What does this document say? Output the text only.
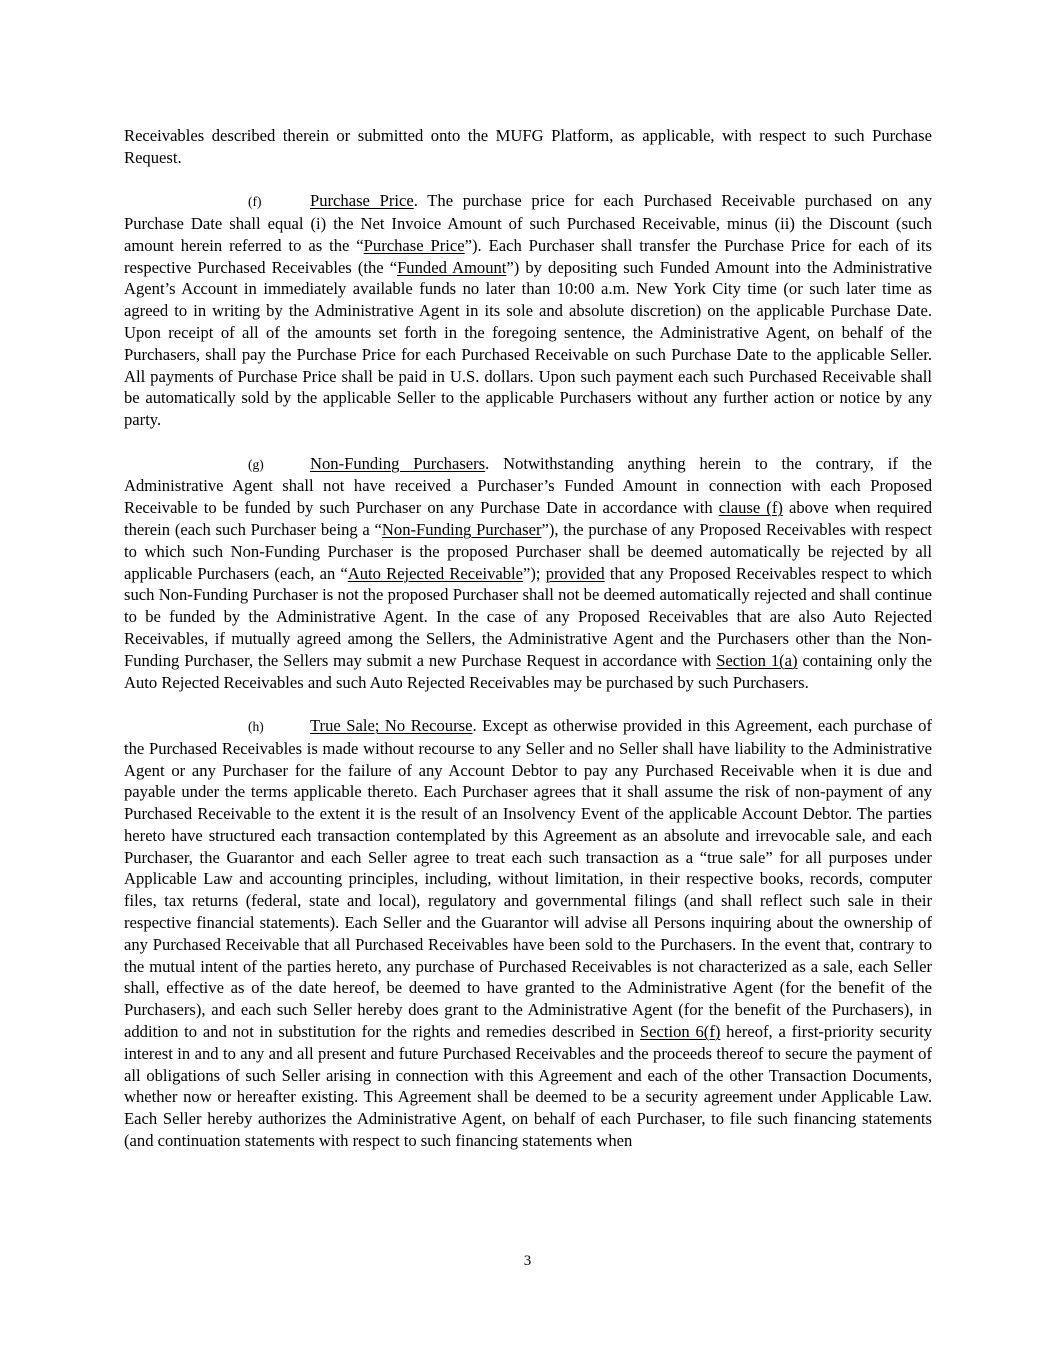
Receivables described therein or submitted onto the MUFG Platform, as applicable, with respect to such Purchase Request.

(f)	Purchase Price. The purchase price for each Purchased Receivable purchased on any Purchase Date shall equal (i) the Net Invoice Amount of such Purchased Receivable, minus (ii) the Discount (such amount herein referred to as the “Purchase Price”). Each Purchaser shall transfer the Purchase Price for each of its respective Purchased Receivables (the “Funded Amount”) by depositing such Funded Amount into the Administrative Agent’s Account in immediately available funds no later than 10:00 a.m. New York City time (or such later time as agreed to in writing by the Administrative Agent in its sole and absolute discretion) on the applicable Purchase Date. Upon receipt of all of the amounts set forth in the foregoing sentence, the Administrative Agent, on behalf of the Purchasers, shall pay the Purchase Price for each Purchased Receivable on such Purchase Date to the applicable Seller. All payments of Purchase Price shall be paid in U.S. dollars. Upon such payment each such Purchased Receivable shall be automatically sold by the applicable Seller to the applicable Purchasers without any further action or notice by any party.

(g)	Non-Funding Purchasers. Notwithstanding anything herein to the contrary, if the Administrative Agent shall not have received a Purchaser’s Funded Amount in connection with each Proposed Receivable to be funded by such Purchaser on any Purchase Date in accordance with clause (f) above when required therein (each such Purchaser being a “Non-Funding Purchaser”), the purchase of any Proposed Receivables with respect to which such Non-Funding Purchaser is the proposed Purchaser shall be deemed automatically be rejected by all applicable Purchasers (each, an “Auto Rejected Receivable”); provided that any Proposed Receivables respect to which such Non-Funding Purchaser is not the proposed Purchaser shall not be deemed automatically rejected and shall continue to be funded by the Administrative Agent. In the case of any Proposed Receivables that are also Auto Rejected Receivables, if mutually agreed among the Sellers, the Administrative Agent and the Purchasers other than the Non-Funding Purchaser, the Sellers may submit a new Purchase Request in accordance with Section 1(a) containing only the Auto Rejected Receivables and such Auto Rejected Receivables may be purchased by such Purchasers.

(h)	True Sale; No Recourse. Except as otherwise provided in this Agreement, each purchase of the Purchased Receivables is made without recourse to any Seller and no Seller shall have liability to the Administrative Agent or any Purchaser for the failure of any Account Debtor to pay any Purchased Receivable when it is due and payable under the terms applicable thereto. Each Purchaser agrees that it shall assume the risk of non-payment of any Purchased Receivable to the extent it is the result of an Insolvency Event of the applicable Account Debtor. The parties hereto have structured each transaction contemplated by this Agreement as an absolute and irrevocable sale, and each Purchaser, the Guarantor and each Seller agree to treat each such transaction as a “true sale” for all purposes under Applicable Law and accounting principles, including, without limitation, in their respective books, records, computer files, tax returns (federal, state and local), regulatory and governmental filings (and shall reflect such sale in their respective financial statements). Each Seller and the Guarantor will advise all Persons inquiring about the ownership of any Purchased Receivable that all Purchased Receivables have been sold to the Purchasers. In the event that, contrary to the mutual intent of the parties hereto, any purchase of Purchased Receivables is not characterized as a sale, each Seller shall, effective as of the date hereof, be deemed to have granted to the Administrative Agent (for the benefit of the Purchasers), and each such Seller hereby does grant to the Administrative Agent (for the benefit of the Purchasers), in addition to and not in substitution for the rights and remedies described in Section 6(f) hereof, a first-priority security interest in and to any and all present and future Purchased Receivables and the proceeds thereof to secure the payment of all obligations of such Seller arising in connection with this Agreement and each of the other Transaction Documents, whether now or hereafter existing. This Agreement shall be deemed to be a security agreement under Applicable Law. Each Seller hereby authorizes the Administrative Agent, on behalf of each Purchaser, to file such financing statements (and continuation statements with respect to such financing statements when

3
